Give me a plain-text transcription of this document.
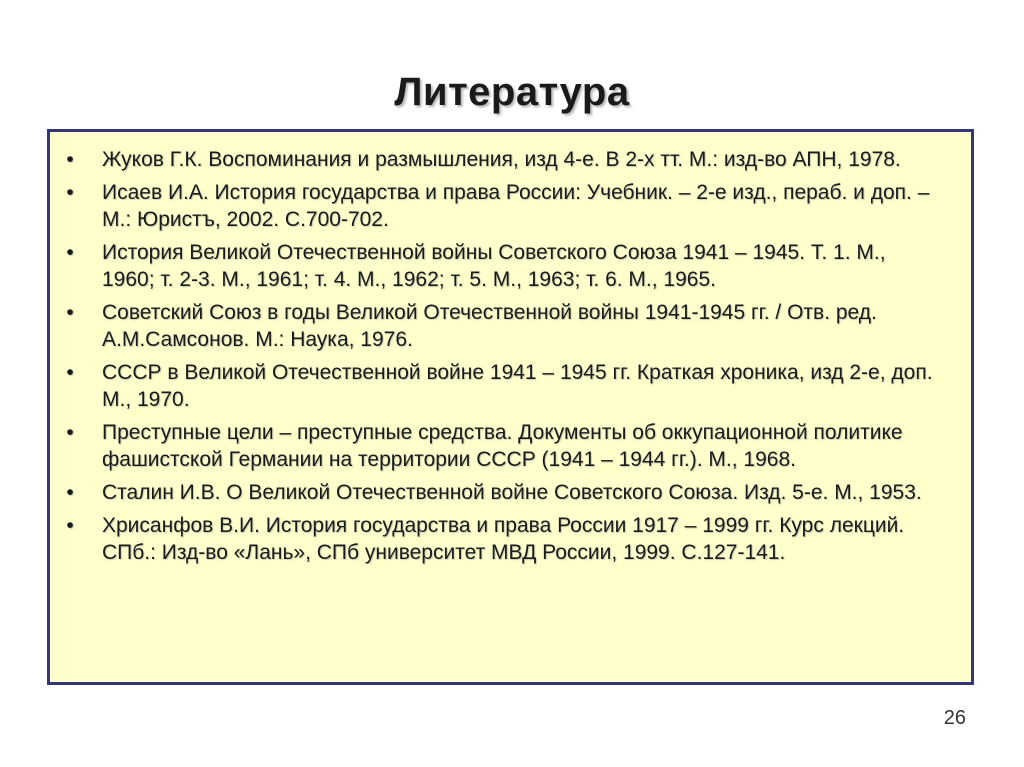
Литература
•	Жуков Г.К. Воспоминания и размышления, изд 4-е. В 2-х тт. М.: изд-во АПН, 1978.
•	Исаев И.А. История государства и права России: Учебник. – 2-е изд., пераб. и доп. – М.: Юристъ, 2002. С.700-702.
•	История Великой Отечественной войны Советского Союза 1941 – 1945. Т. 1. М., 1960; т. 2-3. М., 1961; т. 4. М., 1962; т. 5. М., 1963; т. 6. М., 1965.
•	Советский Союз в годы Великой Отечественной войны 1941-1945 гг. / Отв. ред. А.М.Самсонов. М.: Наука, 1976.
•	СССР в Великой Отечественной войне 1941 – 1945 гг. Краткая хроника, изд 2-е, доп. М., 1970.
•	Преступные цели – преступные средства. Документы об оккупационной политике фашистской Германии на территории СССР (1941 – 1944 гг.). М., 1968.
•	Сталин И.В. О Великой Отечественной войне Советского Союза. Изд. 5-е. М., 1953.
•	Хрисанфов В.И. История государства и права России 1917 – 1999 гг. Курс лекций. СПб.: Изд-во «Лань», СПб университет МВД России, 1999. С.127-141.
26
